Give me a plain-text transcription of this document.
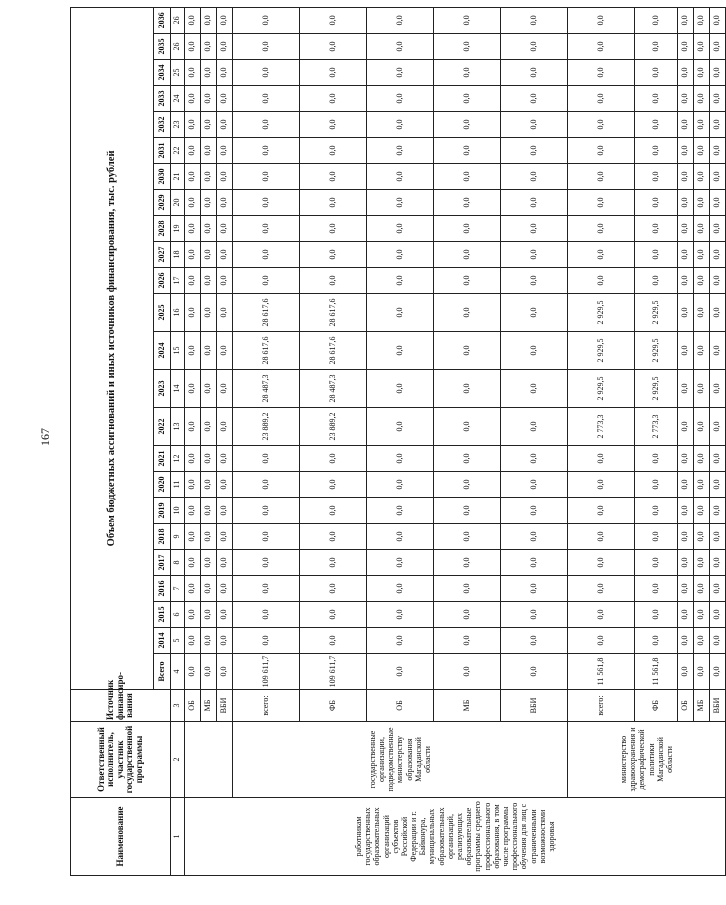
167
Наименование	Ответственный исполнитель, участник государственной программы	Источник финансиро-вания	Объем бюджетных ассигнований и иных источников финансирования, тыс. рублей																							
			Всего	2014	2015	2016	2017	2018	2019	2020	2021	2022	2023	2024	2025	2026	2027	2028	2029	2030	2031	2032	2033	2034	2035	2036
1	2	3	4	5	6	7	8	9	10	11	12	13	14	15	16	17	18	19	20	21	22	23	24	25	26	26
работникам государственных образовательных организаций субъектов Российской Федерации и г. Байконура, муниципальных образовательных организаций, реализующих образовательные программы среднего профессионального образования, в том числе программы профессионального обучения для лиц с ограниченными возможностями здоровья		ОБ	0,0	0,0	0,0	0,0	0,0	0,0	0,0	0,0	0,0	0,0	0,0	0,0	0,0	0,0	0,0	0,0	0,0	0,0	0,0	0,0	0,0	0,0	0,0	0,0
		МБ	0,0	0,0	0,0	0,0	0,0	0,0	0,0	0,0	0,0	0,0	0,0	0,0	0,0	0,0	0,0	0,0	0,0	0,0	0,0	0,0	0,0	0,0	0,0	0,0
		ВБИ	0,0	0,0	0,0	0,0	0,0	0,0	0,0	0,0	0,0	0,0	0,0	0,0	0,0	0,0	0,0	0,0	0,0	0,0	0,0	0,0	0,0	0,0	0,0	0,0
	государственные организации, подведомственные министерству образования Магаданской области	всего:	109 611,7	0,0	0,0	0,0	0,0	0,0	0,0	0,0	0,0	23 889,2	28 487,3	28 617,6	28 617,6	0,0	0,0	0,0	0,0	0,0	0,0	0,0	0,0	0,0	0,0	0,0
		ФБ	109 611,7	0,0	0,0	0,0	0,0	0,0	0,0	0,0	0,0	23 889,2	28 487,3	28 617,6	28 617,6	0,0	0,0	0,0	0,0	0,0	0,0	0,0	0,0	0,0	0,0	0,0
		ОБ	0,0	0,0	0,0	0,0	0,0	0,0	0,0	0,0	0,0	0,0	0,0	0,0	0,0	0,0	0,0	0,0	0,0	0,0	0,0	0,0	0,0	0,0	0,0	0,0
		МБ	0,0	0,0	0,0	0,0	0,0	0,0	0,0	0,0	0,0	0,0	0,0	0,0	0,0	0,0	0,0	0,0	0,0	0,0	0,0	0,0	0,0	0,0	0,0	0,0
		ВБИ	0,0	0,0	0,0	0,0	0,0	0,0	0,0	0,0	0,0	0,0	0,0	0,0	0,0	0,0	0,0	0,0	0,0	0,0	0,0	0,0	0,0	0,0	0,0	0,0
	министерство здравоохранения и демографической политики Магаданской области	всего:	11 561,8	0,0	0,0	0,0	0,0	0,0	0,0	0,0	0,0	2 773,3	2 929,5	2 929,5	2 929,5	0,0	0,0	0,0	0,0	0,0	0,0	0,0	0,0	0,0	0,0	0,0
		ФБ	11 561,8	0,0	0,0	0,0	0,0	0,0	0,0	0,0	0,0	2 773,3	2 929,5	2 929,5	2 929,5	0,0	0,0	0,0	0,0	0,0	0,0	0,0	0,0	0,0	0,0	0,0
		ОБ	0,0	0,0	0,0	0,0	0,0	0,0	0,0	0,0	0,0	0,0	0,0	0,0	0,0	0,0	0,0	0,0	0,0	0,0	0,0	0,0	0,0	0,0	0,0	0,0
		МБ	0,0	0,0	0,0	0,0	0,0	0,0	0,0	0,0	0,0	0,0	0,0	0,0	0,0	0,0	0,0	0,0	0,0	0,0	0,0	0,0	0,0	0,0	0,0	0,0
		ВБИ	0,0	0,0	0,0	0,0	0,0	0,0	0,0	0,0	0,0	0,0	0,0	0,0	0,0	0,0	0,0	0,0	0,0	0,0	0,0	0,0	0,0	0,0	0,0	0,0
